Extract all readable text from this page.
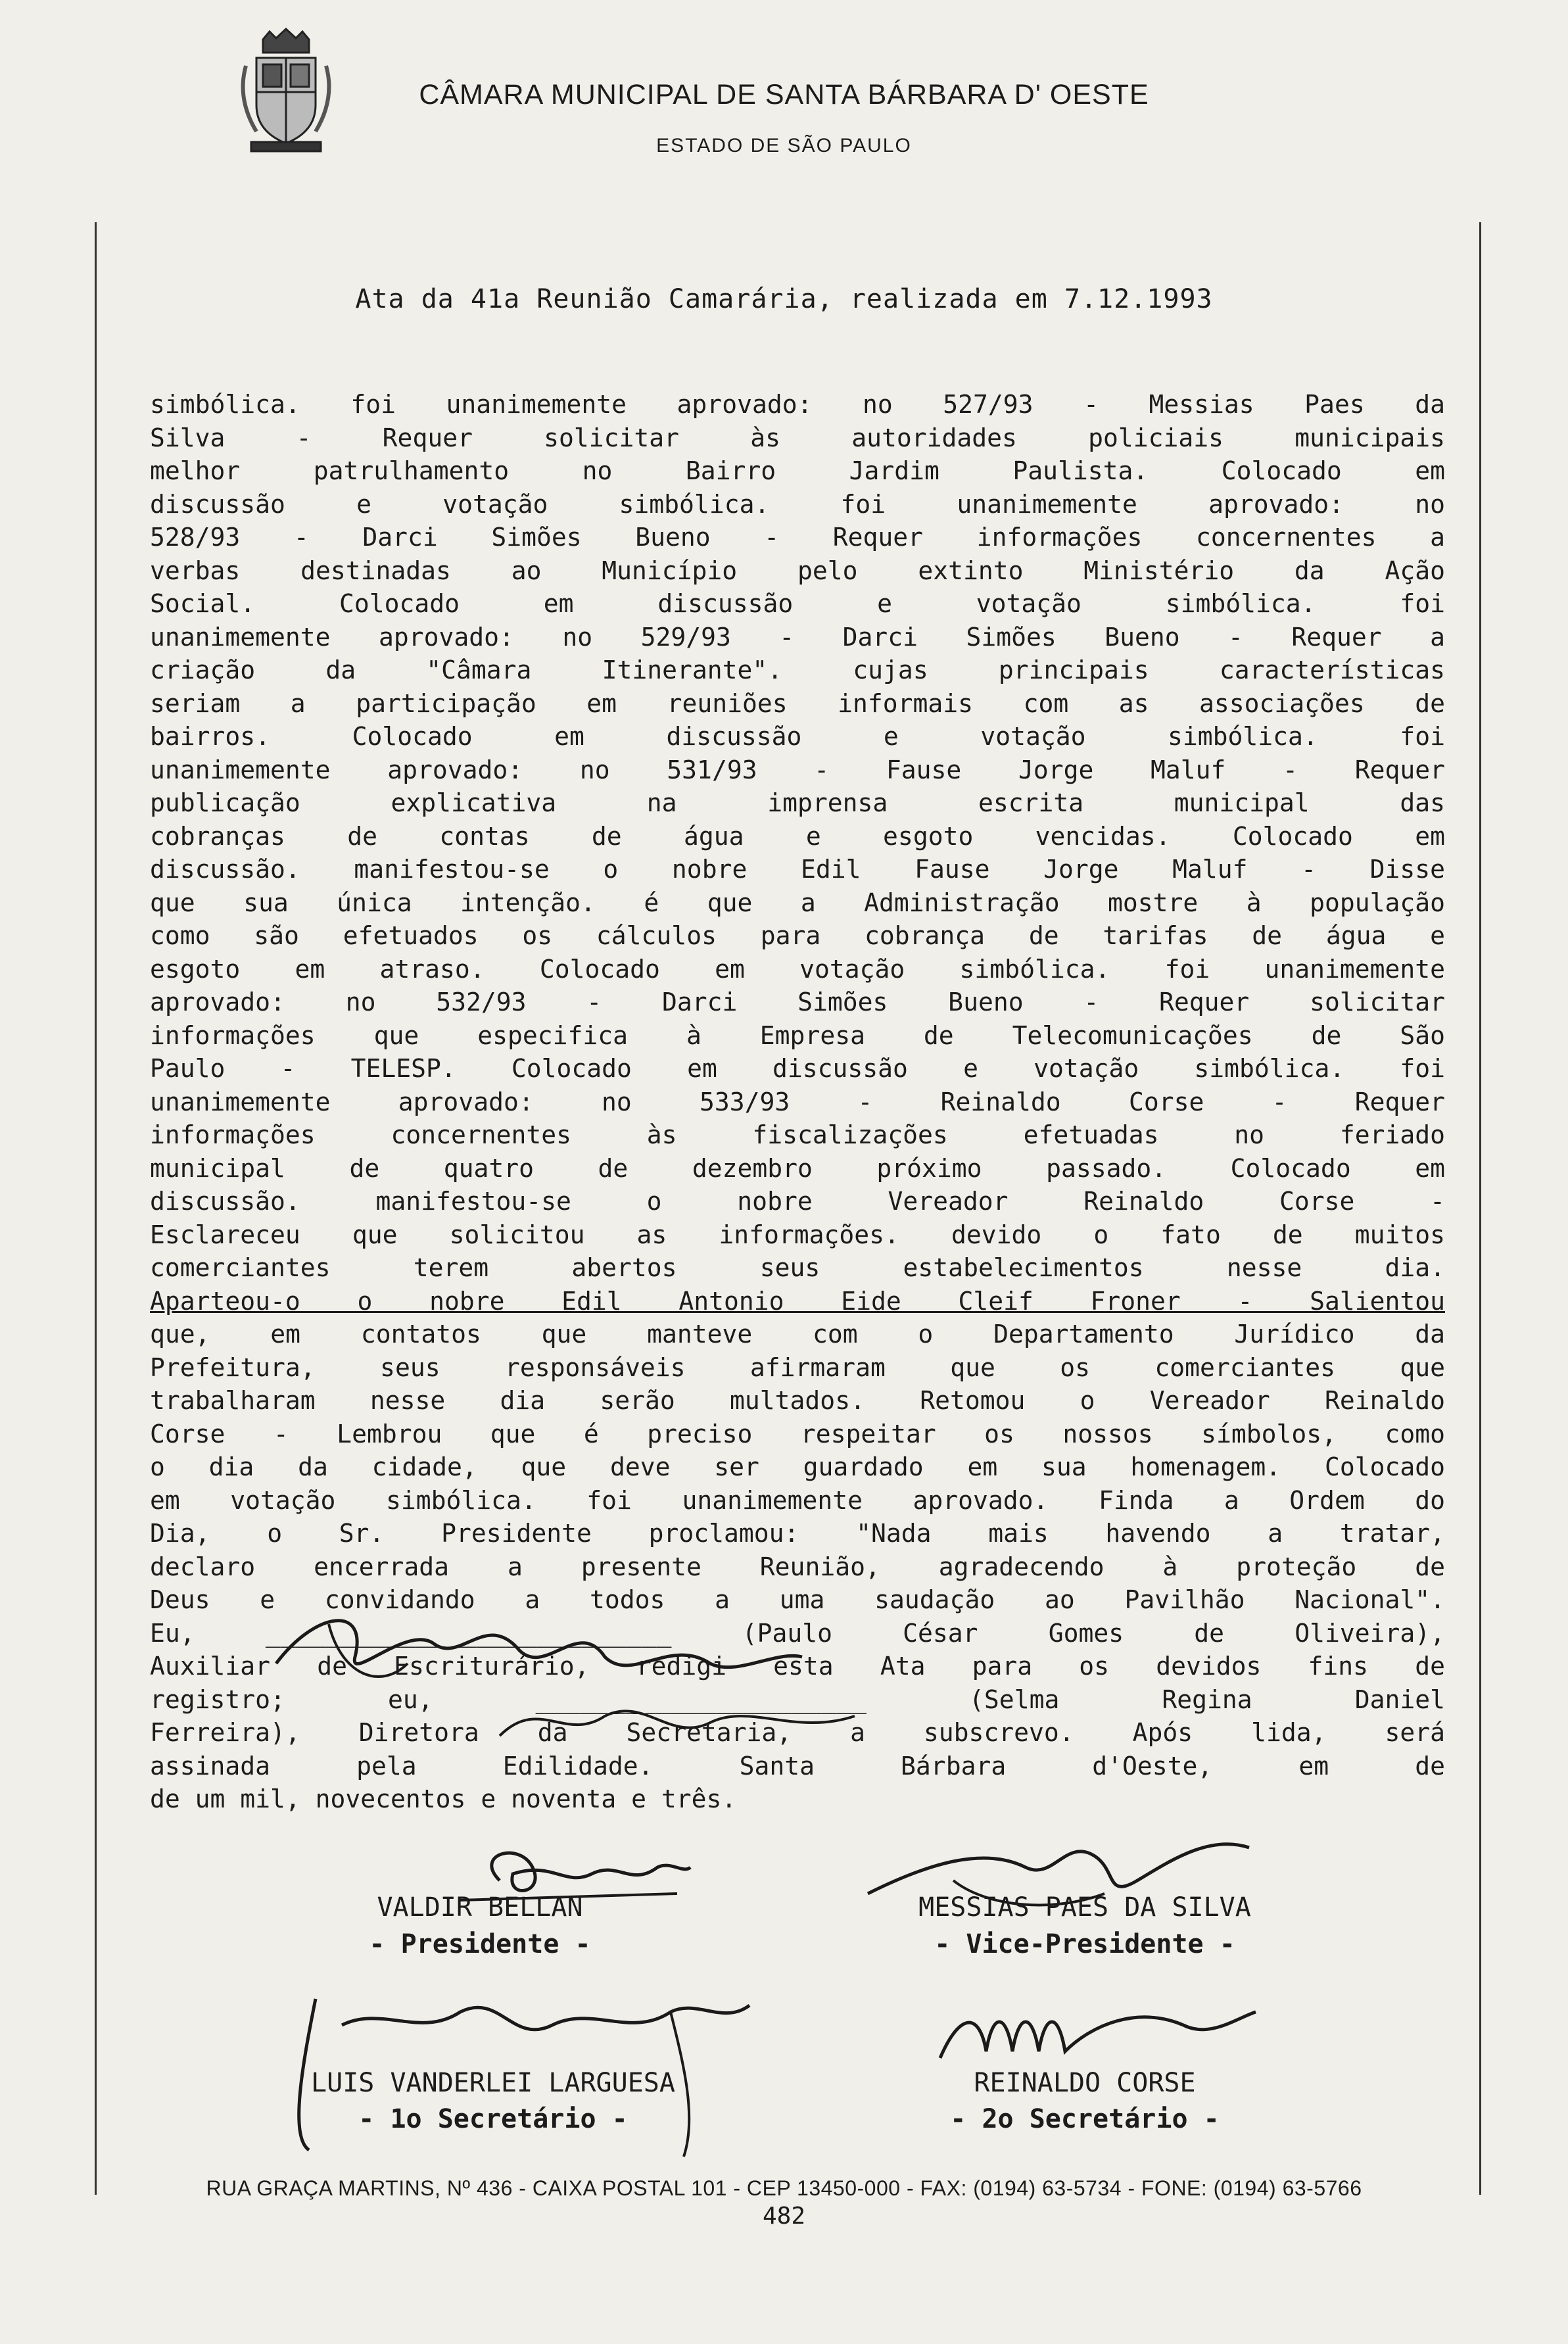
CÂMARA MUNICIPAL DE SANTA BÁRBARA D' OESTE
ESTADO DE SÃO PAULO
Ata da 41a Reunião Camarária, realizada em 7.12.1993
simbólica. foi unanimemente aprovado: no 527/93 - Messias Paes da
Silva - Requer solicitar às autoridades policiais municipais
melhor patrulhamento no Bairro Jardim Paulista. Colocado em
discussão e votação simbólica. foi unanimemente aprovado: no
528/93 - Darci Simões Bueno - Requer informações concernentes a
verbas destinadas ao Município pelo extinto Ministério da Ação
Social. Colocado em discussão e votação simbólica. foi
unanimemente aprovado: no 529/93 - Darci Simões Bueno - Requer a
criação da "Câmara Itinerante". cujas principais características
seriam a participação em reuniões informais com as associações de
bairros. Colocado em discussão e votação simbólica. foi
unanimemente aprovado: no 531/93 - Fause Jorge Maluf - Requer
publicação explicativa na imprensa escrita municipal das
cobranças de contas de água e esgoto vencidas. Colocado em
discussão. manifestou-se o nobre Edil Fause Jorge Maluf - Disse
que sua única intenção. é que a Administração mostre à população
como são efetuados os cálculos para cobrança de tarifas de água e
esgoto em atraso. Colocado em votação simbólica. foi unanimemente
aprovado: no 532/93 - Darci Simões Bueno - Requer solicitar
informações que especifica à Empresa de Telecomunicações de São
Paulo - TELESP. Colocado em discussão e votação simbólica. foi
unanimemente aprovado: no 533/93 - Reinaldo Corse - Requer
informações concernentes às fiscalizações efetuadas no feriado
municipal de quatro de dezembro próximo passado. Colocado em
discussão. manifestou-se o nobre Vereador Reinaldo Corse -
Esclareceu que solicitou as informações. devido o fato de muitos
comerciantes terem abertos seus estabelecimentos nesse dia.
Aparteou-o o nobre Edil Antonio Eide Cleif Froner - Salientou
que, em contatos que manteve com o Departamento Jurídico da
Prefeitura, seus responsáveis afirmaram que os comerciantes que
trabalharam nesse dia serão multados. Retomou o Vereador Reinaldo
Corse - Lembrou que é preciso respeitar os nossos símbolos, como
o dia da cidade, que deve ser guardado em sua homenagem. Colocado
em votação simbólica. foi unanimemente aprovado. Finda a Ordem do
Dia, o Sr. Presidente proclamou: "Nada mais havendo a tratar,
declaro encerrada a presente Reunião, agradecendo à proteção de
Deus e convidando a todos a uma saudação ao Pavilhão Nacional".
Eu, ___________________________ (Paulo César Gomes de Oliveira),
Auxiliar de Escriturário, redigi esta Ata para os devidos fins de
registro; eu, ______________________ (Selma Regina Daniel
Ferreira), Diretora da Secretaria, a subscrevo. Após lida, será
assinada pela Edilidade. Santa Bárbara d'Oeste, em de
de um mil, novecentos e noventa e três.
VALDIR BELLAN
- Presidente -
MESSIAS PAES DA SILVA
- Vice-Presidente -
LUIS VANDERLEI LARGUESA
- 1o Secretário -
REINALDO CORSE
- 2o Secretário -
RUA GRAÇA MARTINS, Nº 436 - CAIXA POSTAL 101 - CEP 13450-000 - FAX: (0194) 63-5734 - FONE: (0194) 63-5766
482
